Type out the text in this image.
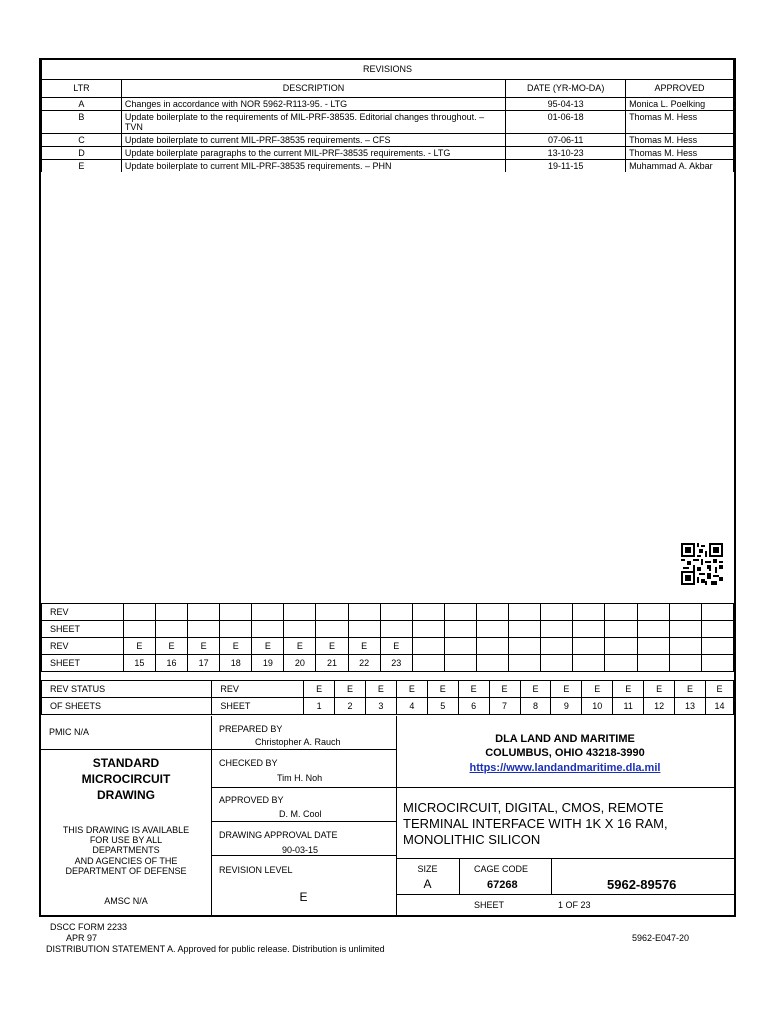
REVISIONS			
LTR	DESCRIPTION	DATE (YR-MO-DA)	APPROVED
A	Changes in accordance with NOR 5962-R113-95. - LTG	95-04-13	Monica L. Poelking
B	Update boilerplate to the requirements of MIL-PRF-38535. Editorial changes throughout. – TVN	01-06-18	Thomas M. Hess
C	Update boilerplate to current MIL-PRF-38535 requirements. – CFS	07-06-11	Thomas M. Hess
D	Update boilerplate paragraphs to the current MIL-PRF-38535 requirements. - LTG	13-10-23	Thomas M. Hess
E	Update boilerplate to current MIL-PRF-38535 requirements. – PHN	19-11-15	Muhammad A. Akbar
REV																			
SHEET																			
REV	E	E	E	E	E	E	E	E	E										
SHEET	15	16	17	18	19	20	21	22	23										
REV STATUS	REV	E	E	E	E	E	E	E	E	E	E	E	E	E	E
OF SHEETS	SHEET	1	2	3	4	5	6	7	8	9	10	11	12	13	14
PMIC N/A
STANDARD
MICROCIRCUIT
DRAWING
THIS DRAWING IS AVAILABLE
FOR USE BY ALL
DEPARTMENTS
AND AGENCIES OF THE
DEPARTMENT OF DEFENSE
AMSC N/A
PREPARED BY
Christopher A. Rauch
CHECKED BY
Tim H. Noh
APPROVED BY
D. M. Cool
DRAWING APPROVAL DATE
90-03-15
REVISION LEVEL
E
DLA LAND AND MARITIME
COLUMBUS, OHIO 43218-3990
https://www.landandmaritime.dla.mil
MICROCIRCUIT, DIGITAL, CMOS, REMOTE
TERMINAL INTERFACE WITH 1K X 16 RAM,
MONOLITHIC SILICON
SIZE
A
CAGE CODE
67268	5962-89576
SHEET	1 OF 23
DSCC FORM 2233
APR 97
DISTRIBUTION STATEMENT A. Approved for public release. Distribution is unlimited
5962-E047-20
